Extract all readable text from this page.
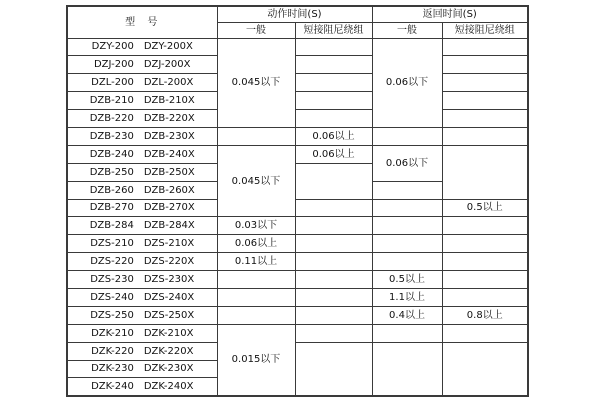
型  号	动作时间(S)		返回时间(S)	
	一般	短接阻尼绕组	一般	短接阻尼绕组

DZY-200 DZY-200X	0.045以下		0.06以下	

DZJ-200 DZJ-200X				

DZL-200 DZL-200X				

DZB-210 DZB-210X				

DZB-220 DZB-220X				

DZB-230 DZB-230X		0.06以上		

DZB-240 DZB-240X	0.045以下	0.06以上	0.06以下	

DZB-250 DZB-250X				

DZB-260 DZB-260X				

DZB-270 DZB-270X				0.5以上

DZB-284 DZB-284X	0.03以下			

DZS-210 DZS-210X	0.06以上			

DZS-220 DZS-220X	0.11以上			

DZS-230 DZS-230X			0.5以上	

DZS-240 DZS-240X			1.1以上	

DZS-250 DZS-250X			0.4以上	0.8以上

DZK-210 DZK-210X	0.015以下			

DZK-220 DZK-220X				

DZK-230 DZK-230X				

DZK-240 DZK-240X				
